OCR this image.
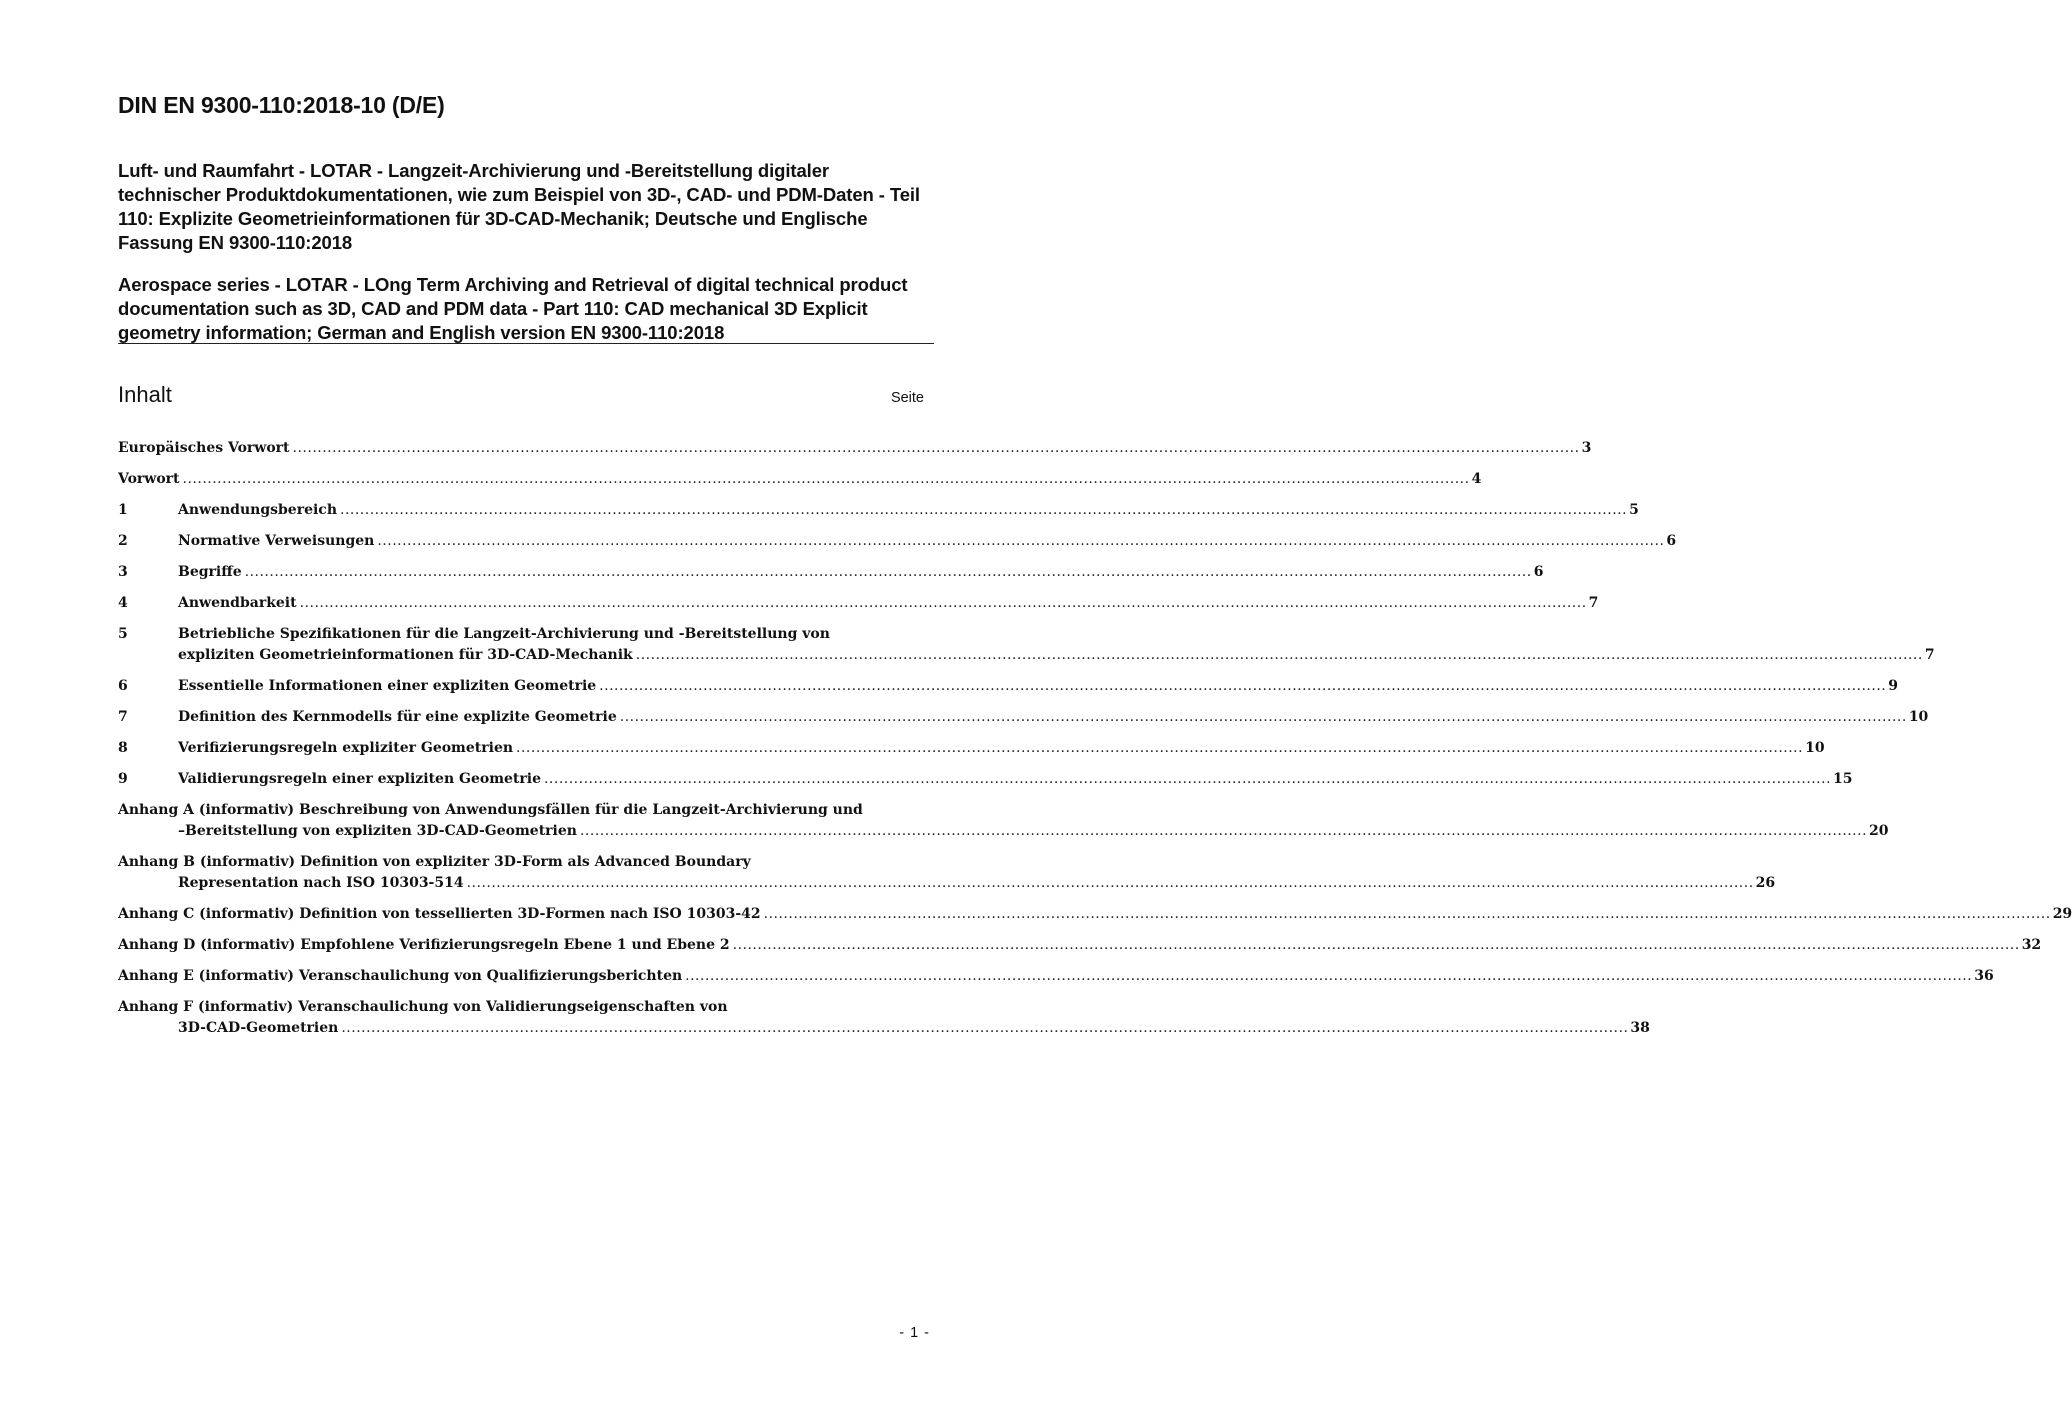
DIN EN 9300-110:2018-10 (D/E)
Luft- und Raumfahrt - LOTAR - Langzeit-Archivierung und -Bereitstellung digitaler technischer Produktdokumentationen, wie zum Beispiel von 3D-, CAD- und PDM-Daten - Teil 110: Explizite Geometrieinformationen für 3D-CAD-Mechanik; Deutsche und Englische Fassung EN 9300-110:2018
Aerospace series - LOTAR - LOng Term Archiving and Retrieval of digital technical product documentation such as 3D, CAD and PDM data - Part 110: CAD mechanical 3D Explicit geometry information; German and English version EN 9300-110:2018
Inhalt	Seite
Europäisches Vorwort .................................................................................................................................................................................................................................................................... 3
Vorwort .................................................................................................................................................................................................................................................................... 4
1	Anwendungsbereich .................................................................................................................................................................................................................................................................... 5
2	Normative Verweisungen .................................................................................................................................................................................................................................................................... 6
3	Begriffe .................................................................................................................................................................................................................................................................... 6
4	Anwendbarkeit .................................................................................................................................................................................................................................................................... 7
5	Betriebliche Spezifikationen für die Langzeit-Archivierung und -Bereitstellung von
expliziten Geometrieinformationen für 3D-CAD-Mechanik .................................................................................................................................................................................................................................................................... 7
6	Essentielle Informationen einer expliziten Geometrie .................................................................................................................................................................................................................................................................... 9
7	Definition des Kernmodells für eine explizite Geometrie .................................................................................................................................................................................................................................................................... 10
8	Verifizierungsregeln expliziter Geometrien .................................................................................................................................................................................................................................................................... 10
9	Validierungsregeln einer expliziten Geometrie .................................................................................................................................................................................................................................................................... 15
Anhang A (informativ) Beschreibung von Anwendungsfällen für die Langzeit-Archivierung und
–Bereitstellung von expliziten 3D-CAD-Geometrien .................................................................................................................................................................................................................................................................... 20
Anhang B (informativ) Definition von expliziter 3D-Form als Advanced Boundary
Representation nach ISO 10303-514 .................................................................................................................................................................................................................................................................... 26
Anhang C (informativ) Definition von tessellierten 3D-Formen nach ISO 10303-42 .................................................................................................................................................................................................................................................................... 29
Anhang D (informativ) Empfohlene Verifizierungsregeln Ebene 1 und Ebene 2 .................................................................................................................................................................................................................................................................... 32
Anhang E (informativ) Veranschaulichung von Qualifizierungsberichten .................................................................................................................................................................................................................................................................... 36
Anhang F (informativ) Veranschaulichung von Validierungseigenschaften von
3D-CAD-Geometrien .................................................................................................................................................................................................................................................................... 38
- 1 -
